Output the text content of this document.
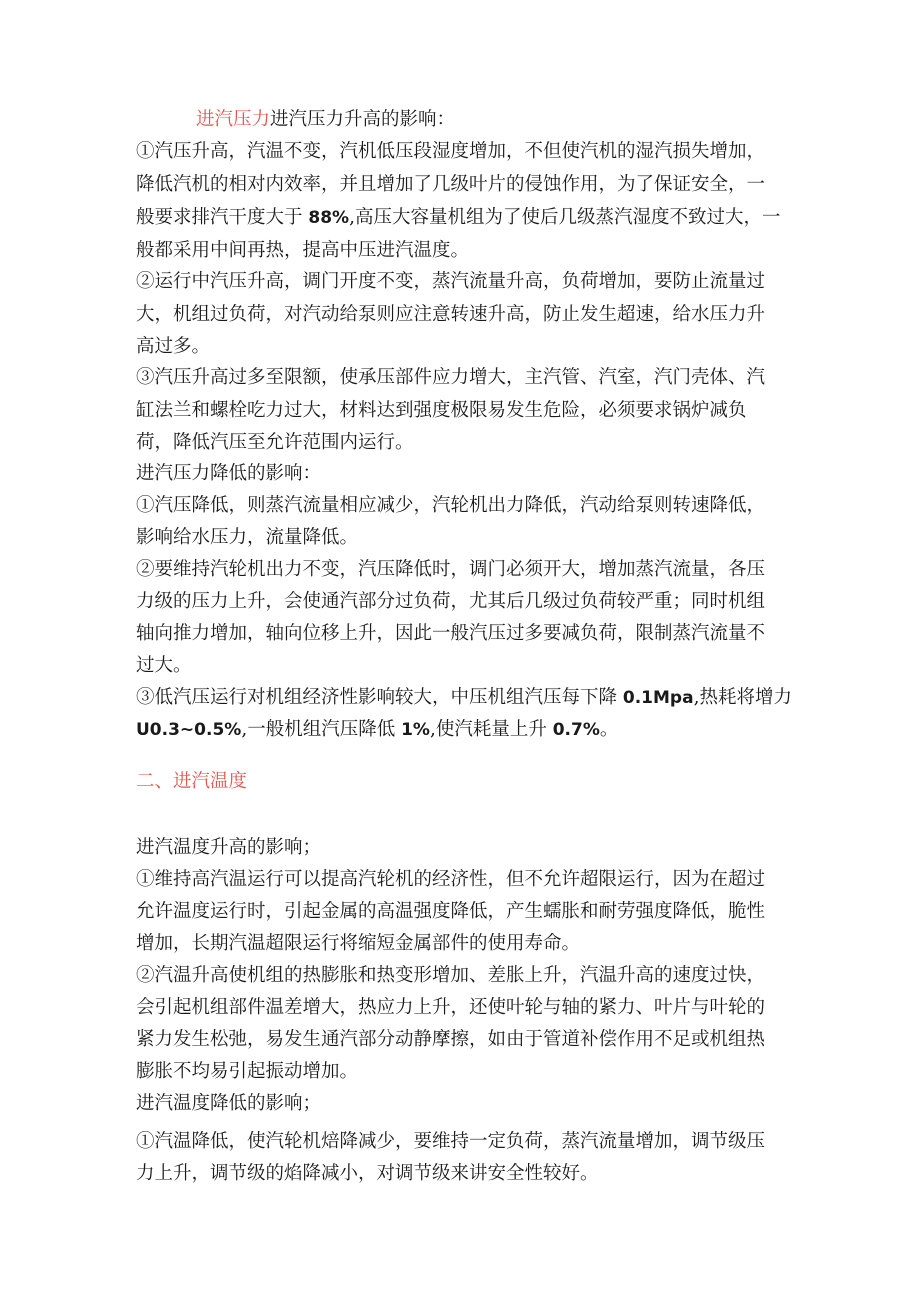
进汽压力进汽压力升高的影响：
①汽压升高，汽温不变，汽机低压段湿度增加，不但使汽机的湿汽损失增加，
降低汽机的相对内效率，并且增加了几级叶片的侵蚀作用，为了保证安全，一
般要求排汽干度大于 88%,高压大容量机组为了使后几级蒸汽湿度不致过大，一
般都采用中间再热，提高中压进汽温度。
②运行中汽压升高，调门开度不变，蒸汽流量升高，负荷增加，要防止流量过
大，机组过负荷，对汽动给泵则应注意转速升高，防止发生超速，给水压力升
高过多。
③汽压升高过多至限额，使承压部件应力增大，主汽管、汽室，汽门壳体、汽
缸法兰和螺栓吃力过大，材料达到强度极限易发生危险，必须要求锅炉减负
荷，降低汽压至允许范围内运行。
进汽压力降低的影响：
①汽压降低，则蒸汽流量相应减少，汽轮机出力降低，汽动给泵则转速降低，
影响给水压力，流量降低。
②要维持汽轮机出力不变，汽压降低时，调门必须开大，增加蒸汽流量，各压
力级的压力上升，会使通汽部分过负荷，尤其后几级过负荷较严重；同时机组
轴向推力增加，轴向位移上升，因此一般汽压过多要减负荷，限制蒸汽流量不
过大。
③低汽压运行对机组经济性影响较大，中压机组汽压每下降 0.1Mpa,热耗将增力
U0.3~0.5%,一般机组汽压降低 1%,使汽耗量上升 0.7%。
二、进汽温度
进汽温度升高的影响；
①维持高汽温运行可以提高汽轮机的经济性，但不允许超限运行，因为在超过
允许温度运行时，引起金属的高温强度降低，产生蠕胀和耐劳强度降低，脆性
增加，长期汽温超限运行将缩短金属部件的使用寿命。
②汽温升高使机组的热膨胀和热变形增加、差胀上升，汽温升高的速度过快，
会引起机组部件温差增大，热应力上升，还使叶轮与轴的紧力、叶片与叶轮的
紧力发生松弛，易发生通汽部分动静摩擦，如由于管道补偿作用不足或机组热
膨胀不均易引起振动增加。
进汽温度降低的影响；
①汽温降低，使汽轮机焙降减少，要维持一定负荷，蒸汽流量增加，调节级压
力上升，调节级的焰降减小，对调节级来讲安全性较好。
